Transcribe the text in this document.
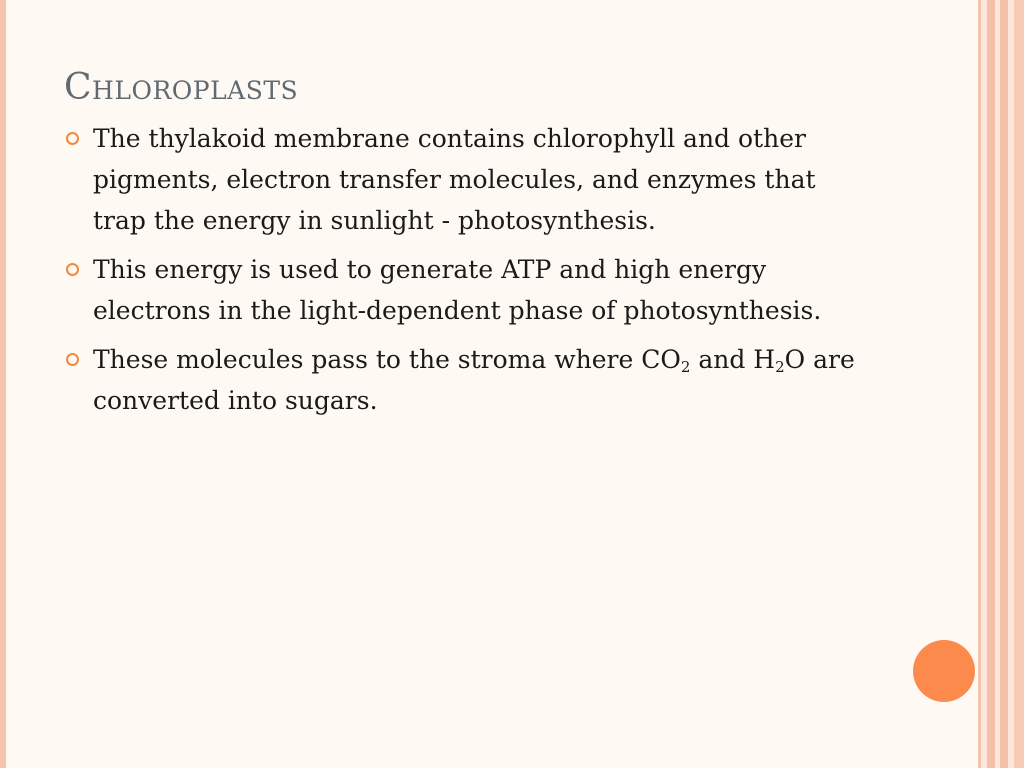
Chloroplasts
The thylakoid membrane contains chlorophyll and other pigments, electron transfer molecules, and enzymes that trap the energy in sunlight - photosynthesis.
This energy is used to generate ATP and high energy electrons in the light-dependent phase of photosynthesis.
These molecules pass to the stroma where $CO_2$ and $H_2O$ are converted into sugars.
